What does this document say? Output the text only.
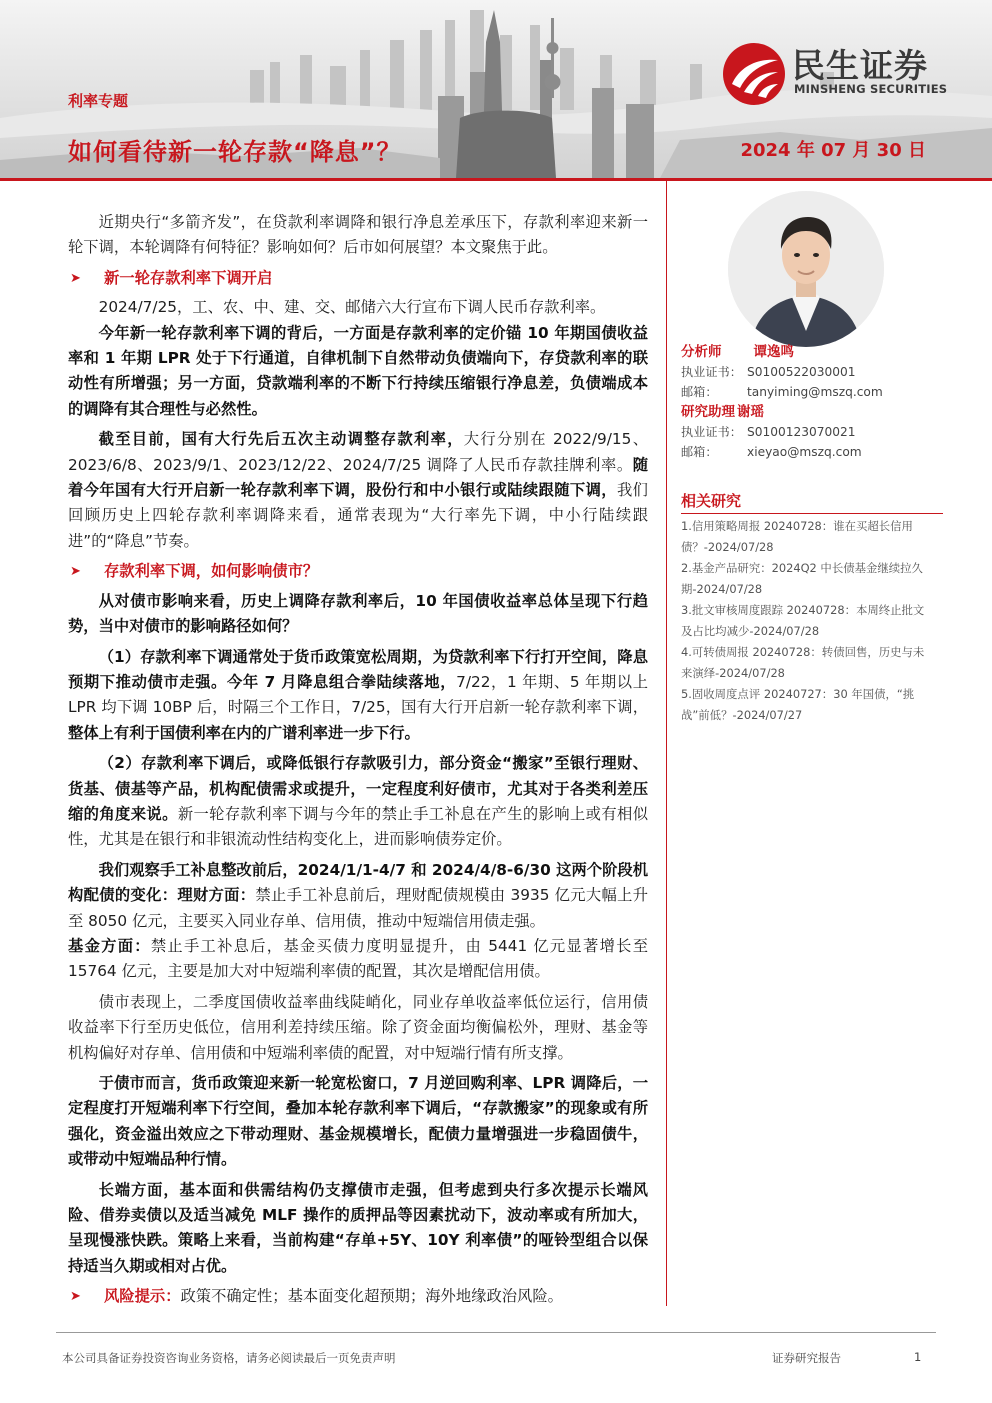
民生证券
MINSHENG SECURITIES
利率专题
如何看待新一轮存款“降息”？	2024 年 07 月 30 日

近期央行“多箭齐发”，在贷款利率调降和银行净息差承压下，存款利率迎来新一轮下调，本轮调降有何特征？影响如何？后市如何展望？本文聚焦于此。

➤ 新一轮存款利率下调开启

2024/7/25，工、农、中、建、交、邮储六大行宣布下调人民币存款利率。

今年新一轮存款利率下调的背后，一方面是存款利率的定价锚 10 年期国债收益率和 1 年期 LPR 处于下行通道，自律机制下自然带动负债端向下，存贷款利率的联动性有所增强；另一方面，贷款端利率的不断下行持续压缩银行净息差，负债端成本的调降有其合理性与必然性。

截至目前，国有大行先后五次主动调整存款利率，大行分别在 2022/9/15、2023/6/8、2023/9/1、2023/12/22、2024/7/25 调降了人民币存款挂牌利率。随着今年国有大行开启新一轮存款利率下调，股份行和中小银行或陆续跟随下调，我们回顾历史上四轮存款利率调降来看，通常表现为“大行率先下调，中小行陆续跟进”的“降息”节奏。

➤ 存款利率下调，如何影响债市？

从对债市影响来看，历史上调降存款利率后，10 年国债收益率总体呈现下行趋势，当中对债市的影响路径如何？

（1）存款利率下调通常处于货币政策宽松周期，为贷款利率下行打开空间，降息预期下推动债市走强。今年 7 月降息组合拳陆续落地，7/22，1 年期、5 年期以上 LPR 均下调 10BP 后，时隔三个工作日，7/25，国有大行开启新一轮存款利率下调，整体上有利于国债利率在内的广谱利率进一步下行。

（2）存款利率下调后，或降低银行存款吸引力，部分资金“搬家”至银行理财、货基、债基等产品，机构配债需求或提升，一定程度利好债市，尤其对于各类利差压缩的角度来说。新一轮存款利率下调与今年的禁止手工补息在产生的影响上或有相似性，尤其是在银行和非银流动性结构变化上，进而影响债券定价。

我们观察手工补息整改前后，2024/1/1-4/7 和 2024/4/8-6/30 这两个阶段机构配债的变化：理财方面：禁止手工补息前后，理财配债规模由 3935 亿元大幅上升至 8050 亿元，主要买入同业存单、信用债，推动中短端信用债走强。

基金方面：禁止手工补息后，基金买债力度明显提升，由 5441 亿元显著增长至 15764 亿元，主要是加大对中短端利率债的配置，其次是增配信用债。

债市表现上，二季度国债收益率曲线陡峭化，同业存单收益率低位运行，信用债收益率下行至历史低位，信用利差持续压缩。除了资金面均衡偏松外，理财、基金等机构偏好对存单、信用债和中短端利率债的配置，对中短端行情有所支撑。

于债市而言，货币政策迎来新一轮宽松窗口，7 月逆回购利率、LPR 调降后，一定程度打开短端利率下行空间，叠加本轮存款利率下调后，“存款搬家”的现象或有所强化，资金溢出效应之下带动理财、基金规模增长，配债力量增强进一步稳固债牛，或带动中短端品种行情。

长端方面，基本面和供需结构仍支撑债市走强，但考虑到央行多次提示长端风险、借券卖债以及适当减免 MLF 操作的质押品等因素扰动下，波动率或有所加大，呈现慢涨快跌。策略上来看，当前构建“存单+5Y、10Y 利率债”的哑铃型组合以保持适当久期或相对占优。

➤ 风险提示：政策不确定性；基本面变化超预期；海外地缘政治风险。
分析师 谭逸鸣
执业证书： S0100522030001
邮箱： tanyiming@mszq.com
研究助理 谢瑶
执业证书： S0100123070021
邮箱： xieyao@mszq.com
相关研究
1.信用策略周报 20240728：谁在买超长信用债？-2024/07/28
2.基金产品研究：2024Q2 中长债基金继续拉久期-2024/07/28
3.批文审核周度跟踪 20240728：本周终止批文及占比均减少-2024/07/28
4.可转债周报 20240728：转债回售，历史与未来演绎-2024/07/28
5.固收周度点评 20240727：30 年国债，“挑战”前低？-2024/07/27
本公司具备证券投资咨询业务资格，请务必阅读最后一页免责声明	证券研究报告	1
